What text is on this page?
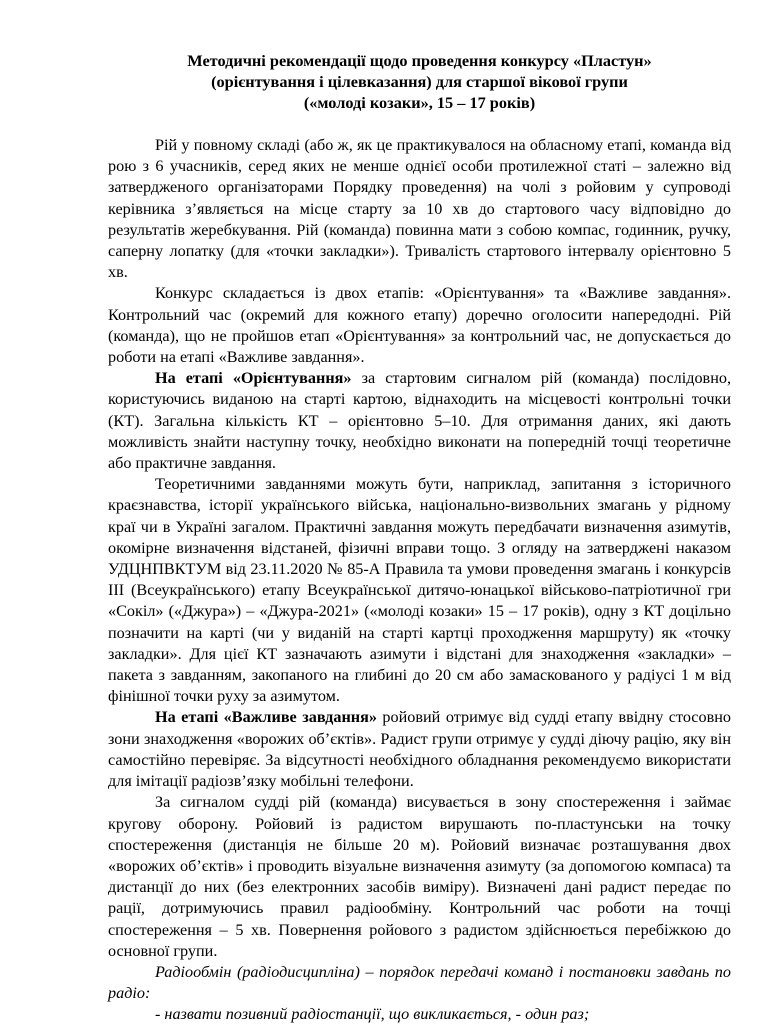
Методичні рекомендації щодо проведення конкурсу «Пластун»
(орієнтування і цілевказання) для старшої вікової групи
(«молоді козаки», 15 – 17 років)

Рій у повному складі (або ж, як це практикувалося на обласному етапі, команда від рою з 6 учасників, серед яких не менше однієї особи протилежної статі – залежно від затвердженого організаторами Порядку проведення) на чолі з ройовим у супроводі керівника з’являється на місце старту за 10 хв до стартового часу відповідно до результатів жеребкування. Рій (команда) повинна мати з собою компас, годинник, ручку, саперну лопатку (для «точки закладки»). Тривалість стартового інтервалу орієнтовно 5 хв.

Конкурс складається із двох етапів: «Орієнтування» та «Важливе завдання». Контрольний час (окремий для кожного етапу) доречно оголосити напередодні. Рій (команда), що не пройшов етап «Орієнтування» за контрольний час, не допускається до роботи на етапі «Важливе завдання».

На етапі «Орієнтування» за стартовим сигналом рій (команда) послідовно, користуючись виданою на старті картою, віднаходить на місцевості контрольні точки (КТ). Загальна кількість КТ – орієнтовно 5–10. Для отримання даних, які дають можливість знайти наступну точку, необхідно виконати на попередній точці теоретичне або практичне завдання.

Теоретичними завданнями можуть бути, наприклад, запитання з історичного краєзнавства, історії українського війська, національно-визвольних змагань у рідному краї чи в Україні загалом. Практичні завдання можуть передбачати визначення азимутів, окомірне визначення відстаней, фізичні вправи тощо. З огляду на затверджені наказом УДЦНПВКТУМ від 23.11.2020 № 85-А Правила та умови проведення змагань і конкурсів ІІІ (Всеукраїнського) етапу Всеукраїнської дитячо-юнацької військово-патріотичної гри «Сокіл» («Джура») – «Джура-2021» («молоді козаки» 15 – 17 років), одну з КТ доцільно позначити на карті (чи у виданій на старті картці проходження маршруту) як «точку закладки». Для цієї КТ зазначають азимути і відстані для знаходження «закладки» – пакета з завданням, закопаного на глибині до 20 см або замаскованого у радіусі 1 м від фінішної точки руху за азимутом.

На етапі «Важливе завдання» ройовий отримує від судді етапу ввідну стосовно зони знаходження «ворожих об’єктів». Радист групи отримує у судді діючу рацію, яку він самостійно перевіряє. За відсутності необхідного обладнання рекомендуємо використати для імітації радіозв’язку мобільні телефони.

За сигналом судді рій (команда) висувається в зону спостереження і займає кругову оборону. Ройовий із радистом вирушають по-пластунськи на точку спостереження (дистанція не більше 20 м). Ройовий визначає розташування двох «ворожих об’єктів» і проводить візуальне визначення азимуту (за допомогою компаса) та дистанції до них (без електронних засобів виміру). Визначені дані радист передає по рації, дотримуючись правил радіообміну. Контрольний час роботи на точці спостереження – 5 хв. Повернення ройового з радистом здійснюється перебіжкою до основної групи.

Радіообмін (радіодисципліна) – порядок передачі команд і постановки завдань по радіо:

- назвати позивний радіостанції, що викликається, - один раз;
